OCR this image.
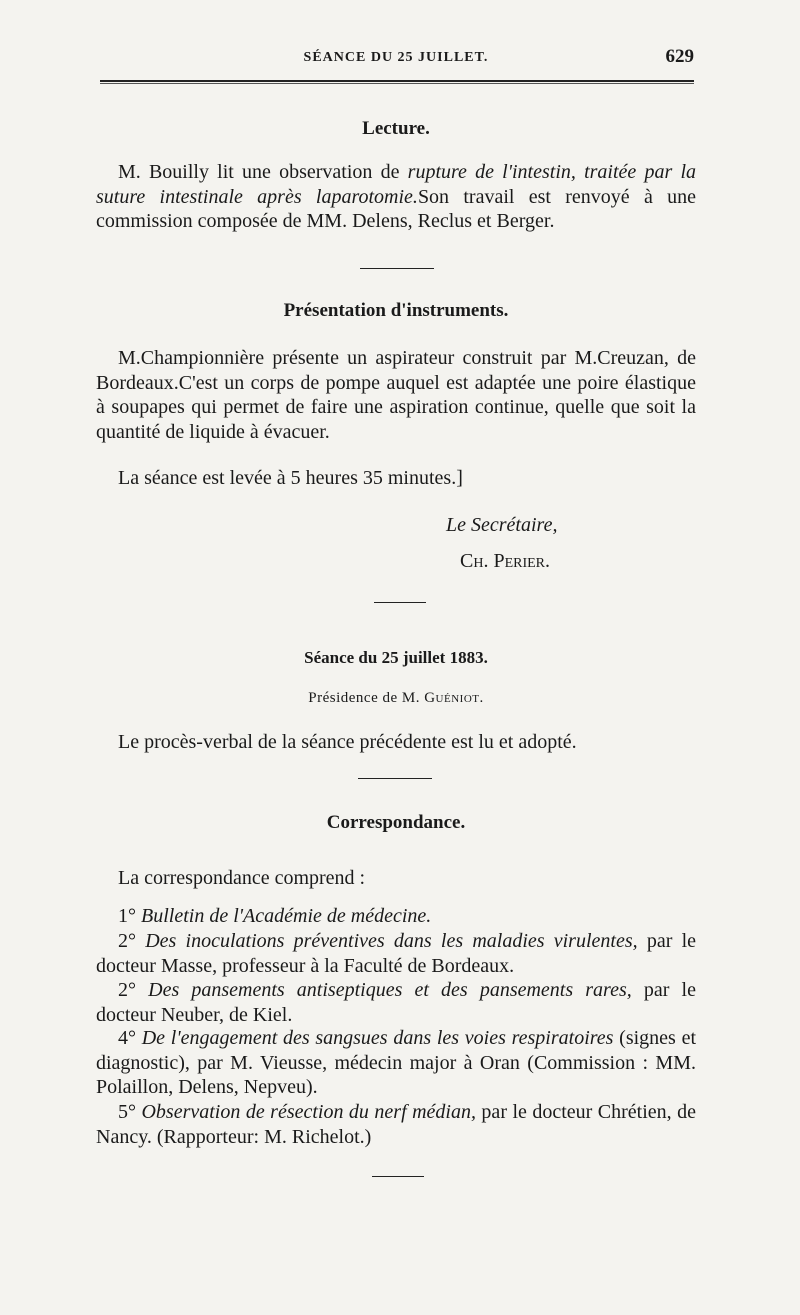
SÉANCE DU 25 JUILLET.	629
Lecture.

M. Bouilly lit une observation de rupture de l'intestin, traitée par la suture intestinale après laparotomie.Son travail est renvoyé à une commission composée de MM. Delens, Reclus et Berger.

Présentation d'instruments.

M.Championnière présente un aspirateur construit par M.Creuzan, de Bordeaux.C'est un corps de pompe auquel est adaptée une poire élastique à soupapes qui permet de faire une aspiration continue, quelle que soit la quantité de liquide à évacuer.

La séance est levée à 5 heures 35 minutes.]

Le Secrétaire,

Ch. Perier.

Séance du 25 juillet 1883.

Présidence de M. Guéniot.

Le procès-verbal de la séance précédente est lu et adopté.

Correspondance.

La correspondance comprend :

1° Bulletin de l'Académie de médecine.

2° Des inoculations préventives dans les maladies virulentes, par le docteur Masse, professeur à la Faculté de Bordeaux.

2° Des pansements antiseptiques et des pansements rares, par le docteur Neuber, de Kiel.

4° De l'engagement des sangsues dans les voies respiratoires (signes et diagnostic), par M. Vieusse, médecin major à Oran (Commission : MM. Polaillon, Delens, Nepveu).

5° Observation de résection du nerf médian, par le docteur Chrétien, de Nancy. (Rapporteur: M. Richelot.)
